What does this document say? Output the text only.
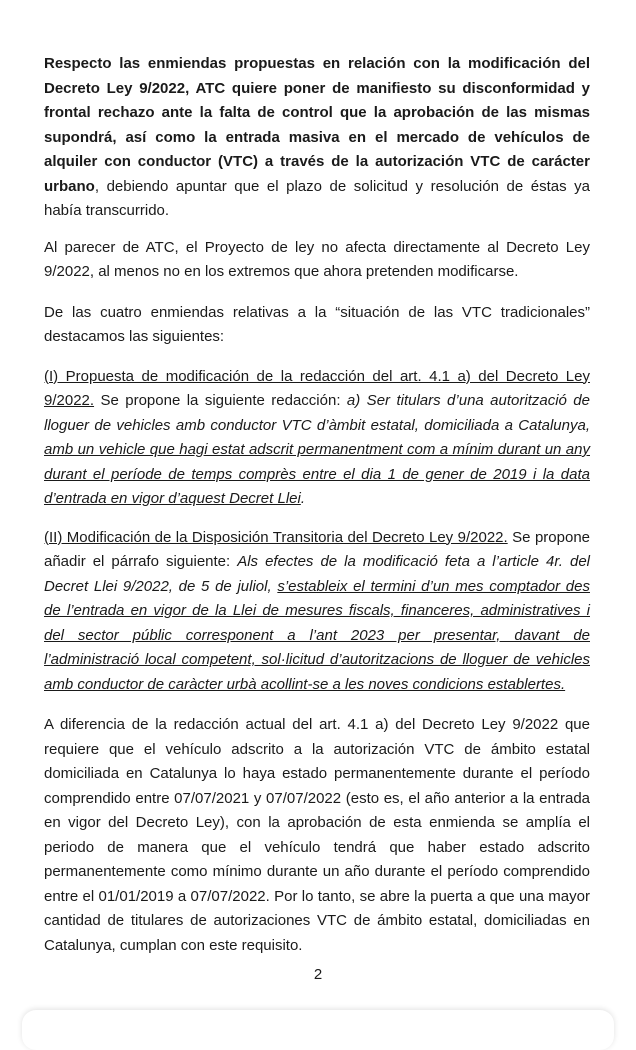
Respecto las enmiendas propuestas en relación con la modificación del Decreto Ley 9/2022, ATC quiere poner de manifiesto su disconformidad y frontal rechazo ante la falta de control que la aprobación de las mismas supondrá, así como la entrada masiva en el mercado de vehículos de alquiler con conductor (VTC) a través de la autorización VTC de carácter urbano, debiendo apuntar que el plazo de solicitud y resolución de éstas ya había transcurrido.

Al parecer de ATC, el Proyecto de ley no afecta directamente al Decreto Ley 9/2022, al menos no en los extremos que ahora pretenden modificarse.

De las cuatro enmiendas relativas a la “situación de las VTC tradicionales” destacamos las siguientes:

(I) Propuesta de modificación de la redacción del art. 4.1 a) del Decreto Ley 9/2022. Se propone la siguiente redacción: a) Ser titulars d’una autorització de lloguer de vehicles amb conductor VTC d’àmbit estatal, domiciliada a Catalunya, amb un vehicle que hagi estat adscrit permanentment com a mínim durant un any durant el període de temps comprès entre el dia 1 de gener de 2019 i la data d’entrada en vigor d’aquest Decret Llei.

(II) Modificación de la Disposición Transitoria del Decreto Ley 9/2022. Se propone añadir el párrafo siguiente: Als efectes de la modificació feta a l’article 4r. del Decret Llei 9/2022, de 5 de juliol, s’estableix el termini d’un mes comptador des de l’entrada en vigor de la Llei de mesures fiscals, financeres, administratives i del sector públic corresponent a l’ant 2023 per presentar, davant de l’administració local competent, sol·licitud d’autoritzacions de lloguer de vehicles amb conductor de caràcter urbà acollint-se a les noves condicions establertes.

A diferencia de la redacción actual del art. 4.1 a) del Decreto Ley 9/2022 que requiere que el vehículo adscrito a la autorización VTC de ámbito estatal domiciliada en Catalunya lo haya estado permanentemente durante el período comprendido entre 07/07/2021 y 07/07/2022 (esto es, el año anterior a la entrada en vigor del Decreto Ley), con la aprobación de esta enmienda se amplía el periodo de manera que el vehículo tendrá que haber estado adscrito permanentemente como mínimo durante un año durante el período comprendido entre el 01/01/2019 a 07/07/2022. Por lo tanto, se abre la puerta a que una mayor cantidad de titulares de autorizaciones VTC de ámbito estatal, domiciliadas en Catalunya, cumplan con este requisito.

2
